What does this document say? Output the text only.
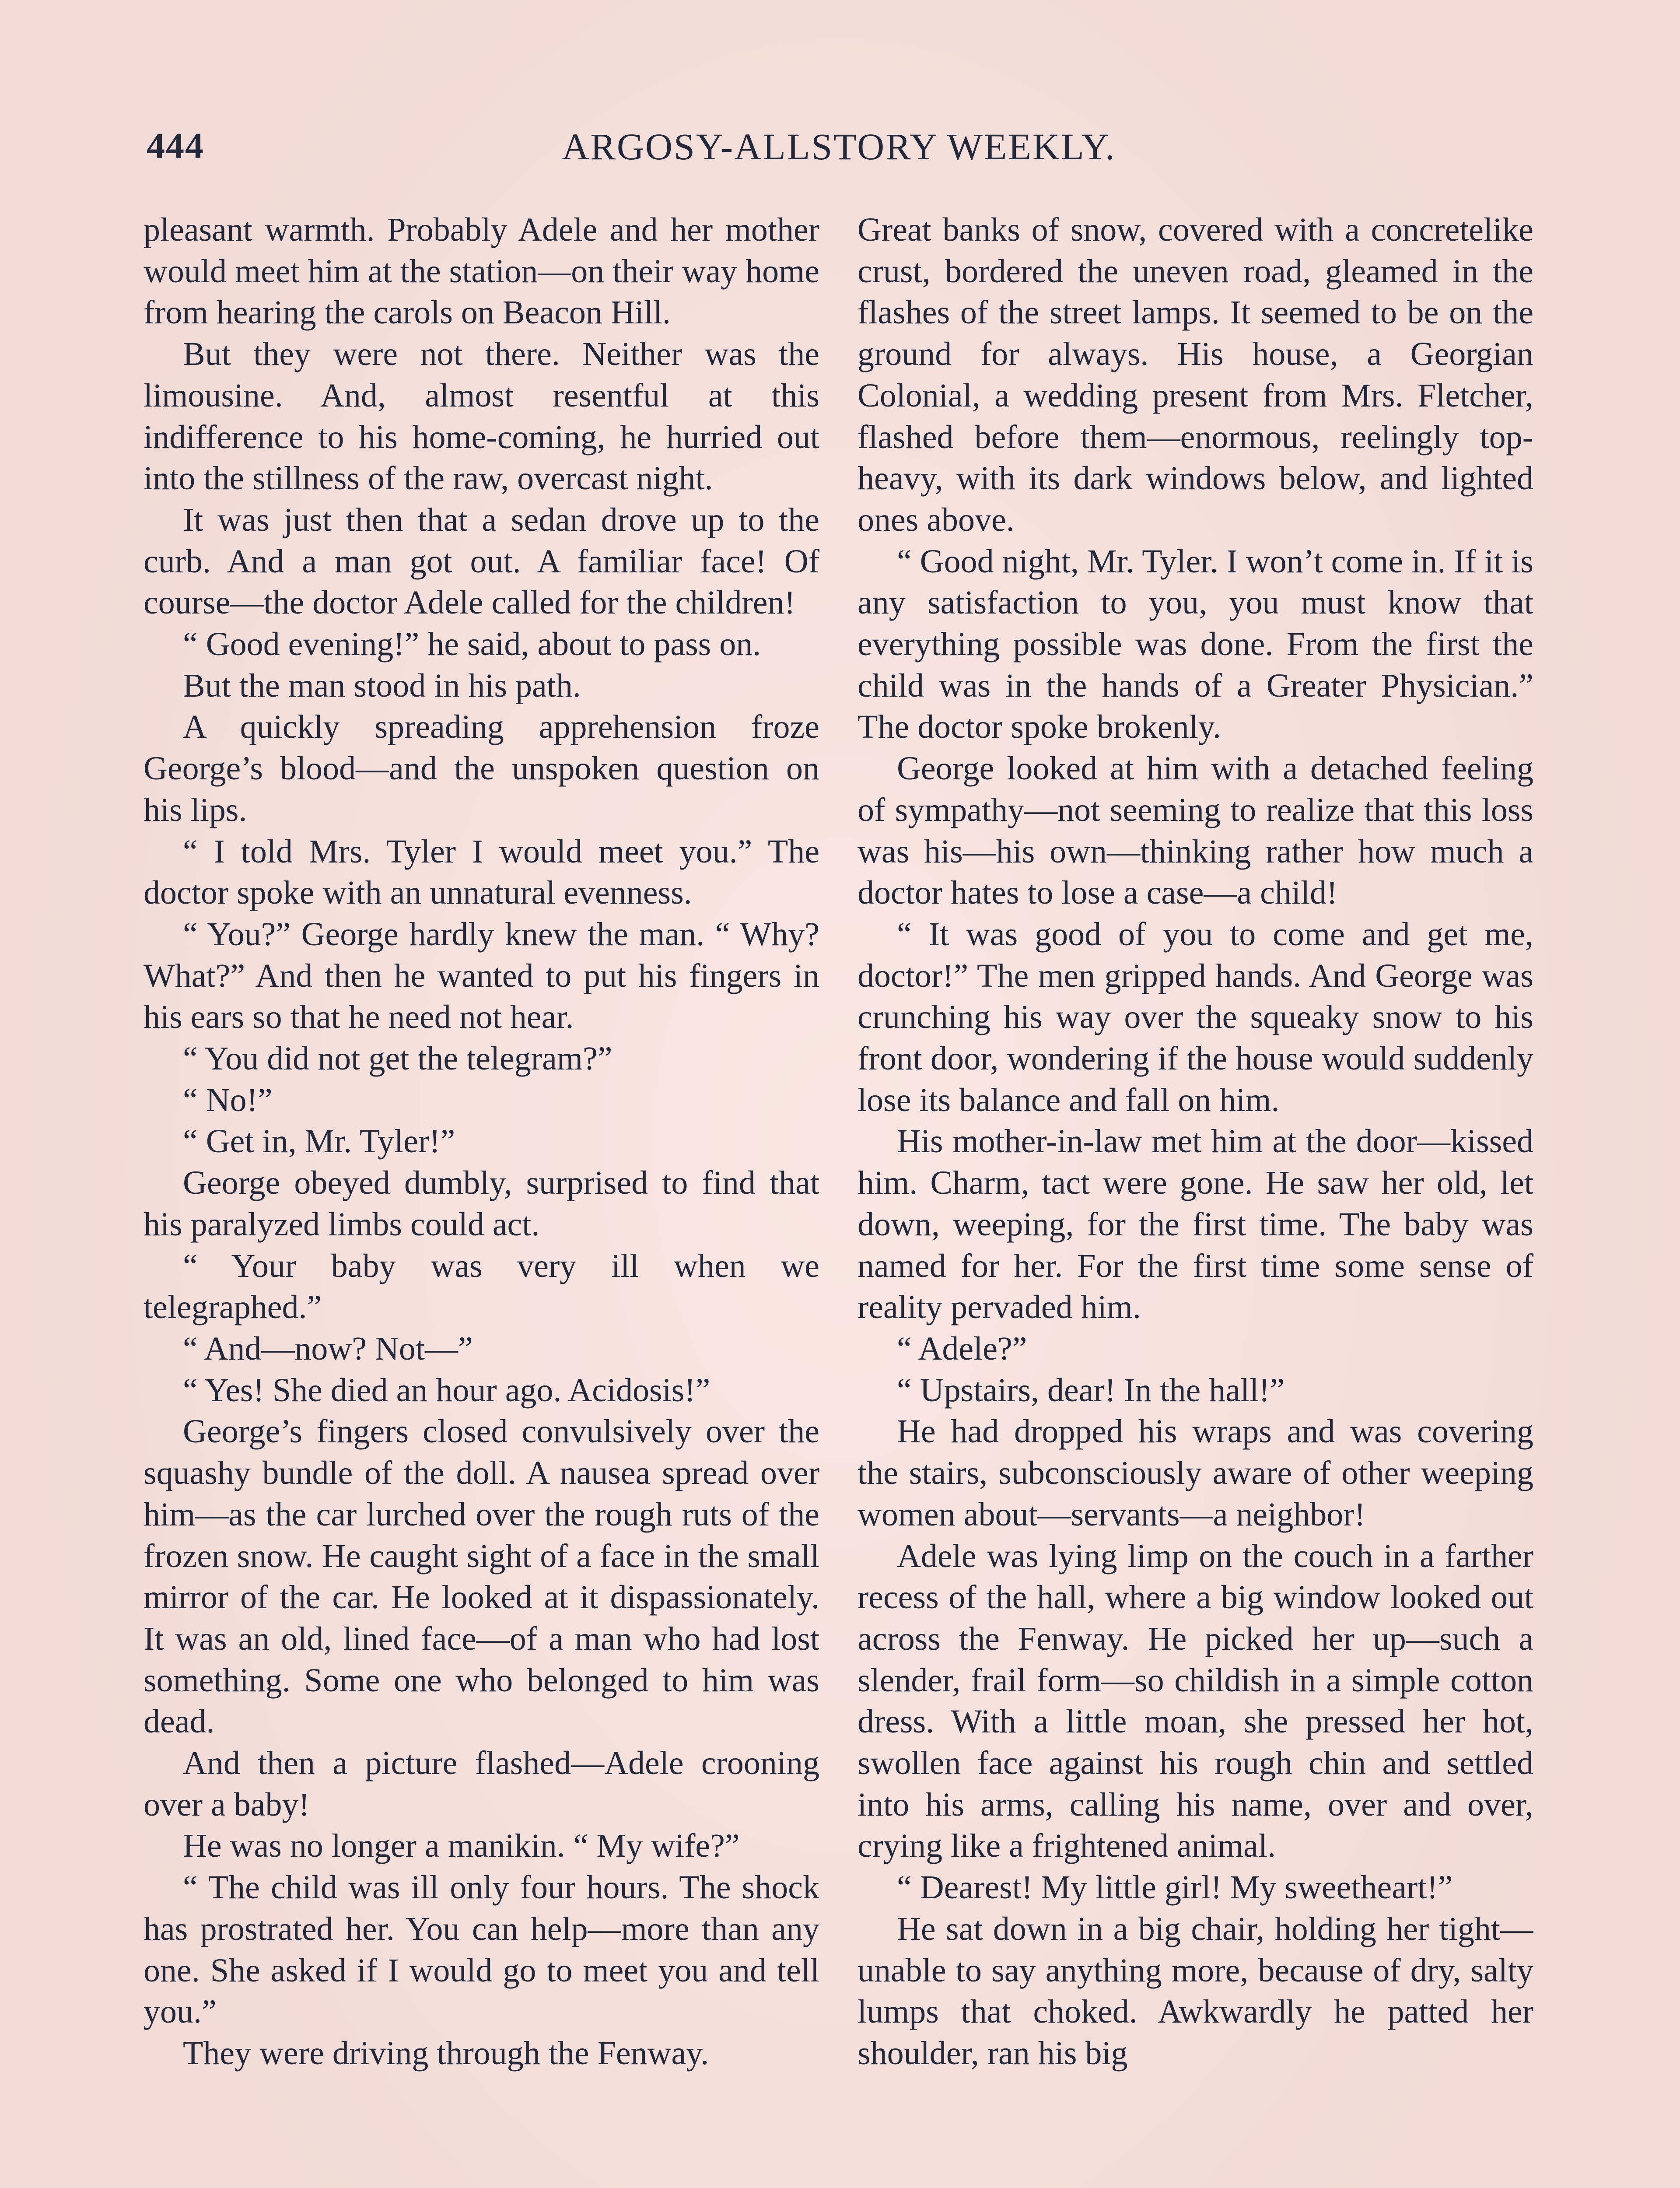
444	ARGOSY-ALLSTORY WEEKLY.

pleasant warmth. Probably Adele and her mother would meet him at the station—on their way home from hearing the carols on Beacon Hill.

But they were not there. Neither was the limousine. And, almost resentful at this indifference to his home-coming, he hurried out into the stillness of the raw, overcast night.

It was just then that a sedan drove up to the curb. And a man got out. A familiar face! Of course—the doctor Adele called for the children!

“ Good evening!” he said, about to pass on.

But the man stood in his path.

A quickly spreading apprehension froze George’s blood—and the unspoken question on his lips.

“ I told Mrs. Tyler I would meet you.” The doctor spoke with an unnatural evenness.

“ You?” George hardly knew the man. “ Why? What?” And then he wanted to put his fingers in his ears so that he need not hear.

“ You did not get the telegram?”

“ No!”

“ Get in, Mr. Tyler!”

George obeyed dumbly, surprised to find that his paralyzed limbs could act.

“ Your baby was very ill when we telegraphed.”

“ And—now? Not—”

“ Yes! She died an hour ago. Acidosis!”

George’s fingers closed convulsively over the squashy bundle of the doll. A nausea spread over him—as the car lurched over the rough ruts of the frozen snow. He caught sight of a face in the small mirror of the car. He looked at it dispassionately. It was an old, lined face—of a man who had lost something. Some one who belonged to him was dead.

And then a picture flashed—Adele crooning over a baby!

He was no longer a manikin. “ My wife?”

“ The child was ill only four hours. The shock has prostrated her. You can help—more than any one. She asked if I would go to meet you and tell you.”

They were driving through the Fenway.

Great banks of snow, covered with a concretelike crust, bordered the uneven road, gleamed in the flashes of the street lamps. It seemed to be on the ground for always. His house, a Georgian Colonial, a wedding present from Mrs. Fletcher, flashed before them—enormous, reelingly top-heavy, with its dark windows below, and lighted ones above.

“ Good night, Mr. Tyler. I won’t come in. If it is any satisfaction to you, you must know that everything possible was done. From the first the child was in the hands of a Greater Physician.” The doctor spoke brokenly.

George looked at him with a detached feeling of sympathy—not seeming to realize that this loss was his—his own—thinking rather how much a doctor hates to lose a case—a child!

“ It was good of you to come and get me, doctor!” The men gripped hands. And George was crunching his way over the squeaky snow to his front door, wondering if the house would suddenly lose its balance and fall on him.

His mother-in-law met him at the door—kissed him. Charm, tact were gone. He saw her old, let down, weeping, for the first time. The baby was named for her. For the first time some sense of reality pervaded him.

“ Adele?”

“ Upstairs, dear! In the hall!”

He had dropped his wraps and was covering the stairs, subconsciously aware of other weeping women about—servants—a neighbor!

Adele was lying limp on the couch in a farther recess of the hall, where a big window looked out across the Fenway. He picked her up—such a slender, frail form—so childish in a simple cotton dress. With a little moan, she pressed her hot, swollen face against his rough chin and settled into his arms, calling his name, over and over, crying like a frightened animal.

“ Dearest! My little girl! My sweetheart!”

He sat down in a big chair, holding her tight—unable to say anything more, because of dry, salty lumps that choked. Awkwardly he patted her shoulder, ran his big
